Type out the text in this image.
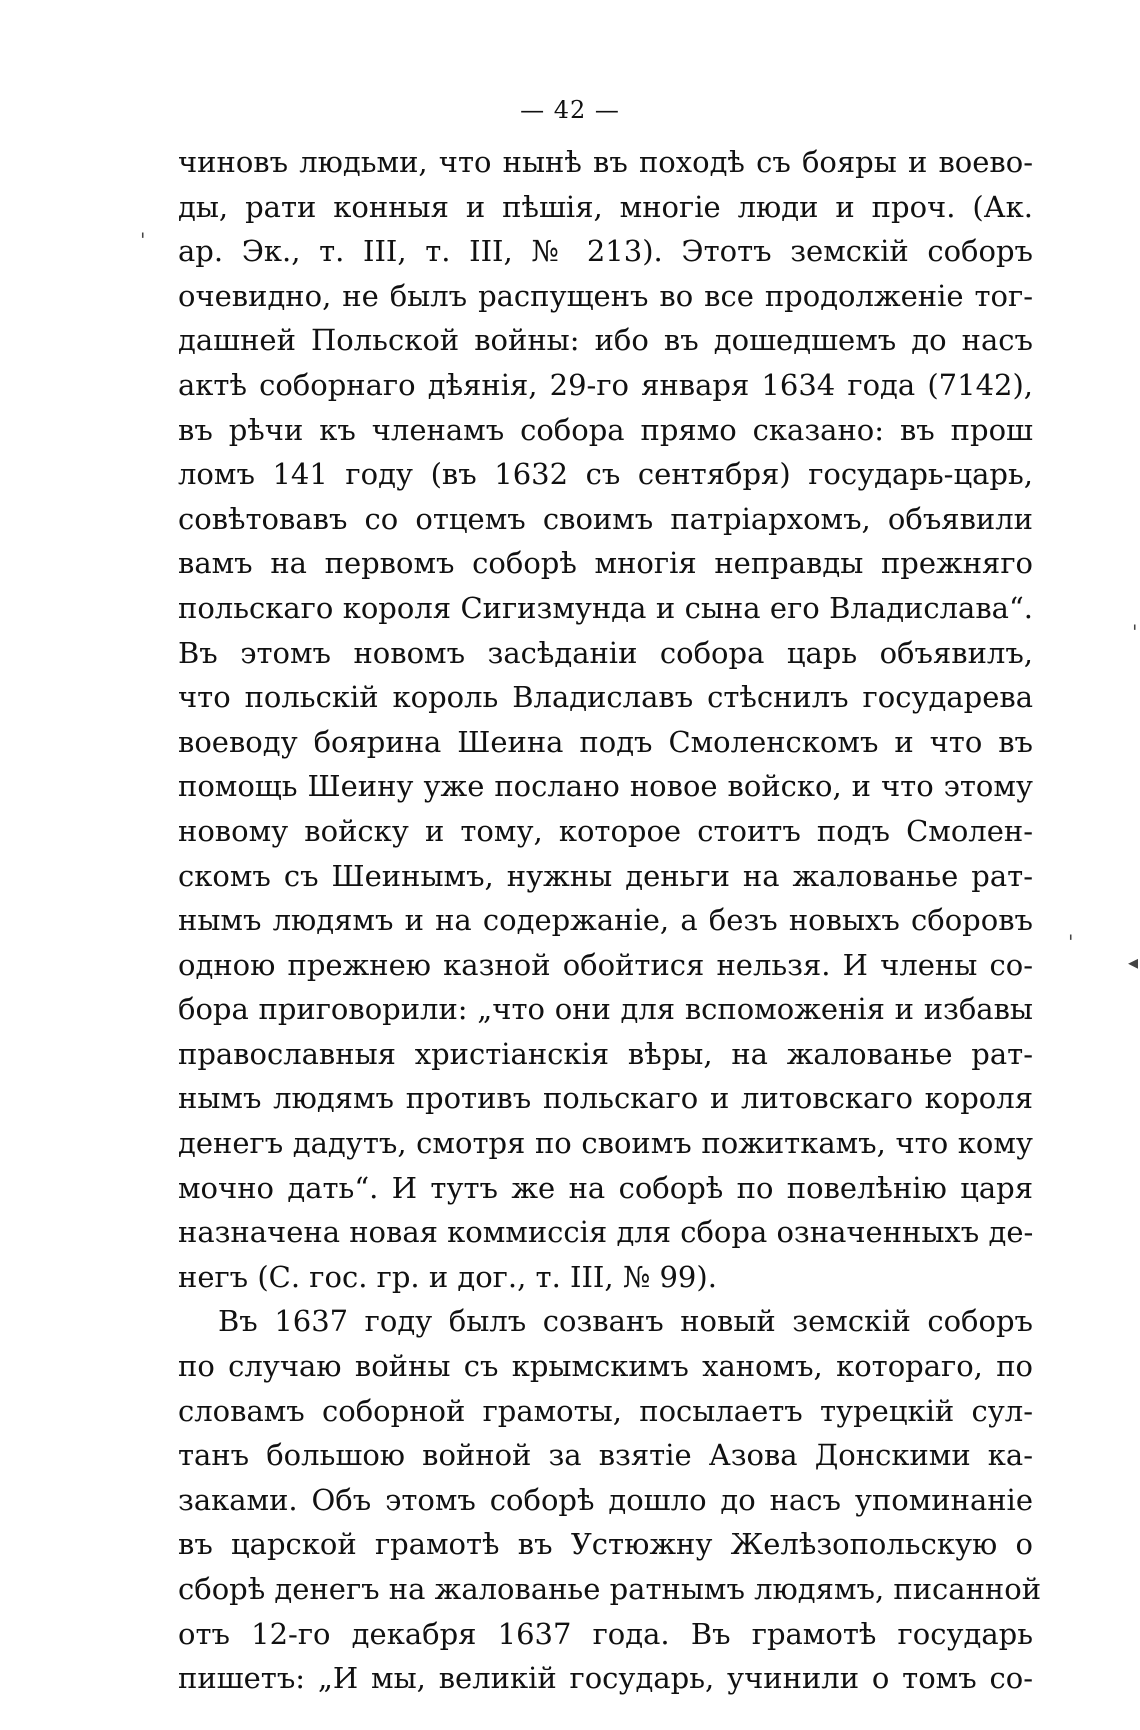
— 42 —
чиновъ людьми, что нынѣ въ походѣ съ бояры и воево-
ды, рати конныя и пѣшія, многіе люди и проч. (Ак.
ар. Эк., т. III, т. III, № 213). Этотъ земскій соборъ
очевидно, не былъ распущенъ во все продолженіе тог-
дашней Польской войны: ибо въ дошедшемъ до насъ
актѣ соборнаго дѣянія, 29-го января 1634 года (7142),
въ рѣчи къ членамъ собора прямо сказано: въ прош
ломъ 141 году (въ 1632 съ сентября) государь-царь,
совѣтовавъ со отцемъ своимъ патріархомъ, объявили
вамъ на первомъ соборѣ многія неправды прежняго
польскаго короля Сигизмунда и сына его Владислава“.
Въ этомъ новомъ засѣданіи собора царь объявилъ,
что польскій король Владиславъ стѣснилъ государева
воеводу боярина Шеина подъ Смоленскомъ и что въ
помощь Шеину уже послано новое войско, и что этому
новому войску и тому, которое стоитъ подъ Смолен-
скомъ съ Шеинымъ, нужны деньги на жалованье рат-
нымъ людямъ и на содержаніе, а безъ новыхъ сборовъ
одною прежнею казной обойтися нельзя. И члены со-
бора приговорили: „что они для вспоможенія и избавы
православныя христіанскія вѣры, на жалованье рат-
нымъ людямъ противъ польскаго и литовскаго короля
денегъ дадутъ, смотря по своимъ пожиткамъ, что кому
мочно дать“. И тутъ же на соборѣ по повелѣнію царя
назначена новая коммиссія для сбора означенныхъ де-
негъ (С. гос. гр. и дог., т. III, № 99).
Въ 1637 году былъ созванъ новый земскій соборъ
по случаю войны съ крымскимъ ханомъ, котораго, по
словамъ соборной грамоты, посылаетъ турецкій сул-
танъ большою войной за взятіе Азова Донскими ка-
заками. Объ этомъ соборѣ дошло до насъ упоминаніе
въ царской грамотѣ въ Устюжну Желѣзопольскую о
сборѣ денегъ на жалованье ратнымъ людямъ, писанной
отъ 12-го декабря 1637 года. Въ грамотѣ государь
пишетъ: „И мы, великій государь, учинили о томъ со-
'
'
'
◂
